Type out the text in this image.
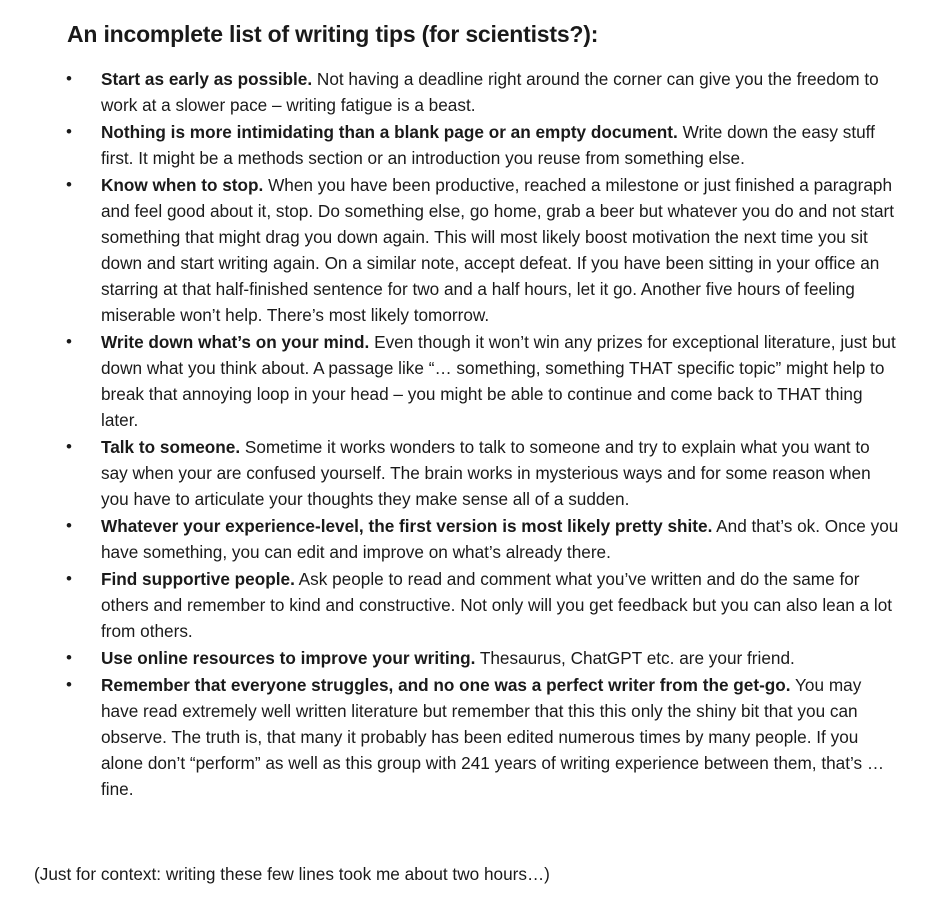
An incomplete list of writing tips (for scientists?):
• Start as early as possible. Not having a deadline right around the corner can give you the freedom to work at a slower pace – writing fatigue is a beast.
• Nothing is more intimidating than a blank page or an empty document. Write down the easy stuff first. It might be a methods section or an introduction you reuse from something else.
• Know when to stop. When you have been productive, reached a milestone or just finished a paragraph and feel good about it, stop. Do something else, go home, grab a beer but whatever you do and not start something that might drag you down again. This will most likely boost motivation the next time you sit down and start writing again. On a similar note, accept defeat. If you have been sitting in your office an starring at that half-finished sentence for two and a half hours, let it go. Another five hours of feeling miserable won’t help. There’s most likely tomorrow.
• Write down what’s on your mind. Even though it won’t win any prizes for exceptional literature, just but down what you think about. A passage like “… something, something THAT specific topic” might help to break that annoying loop in your head – you might be able to continue and come back to THAT thing later.
• Talk to someone. Sometime it works wonders to talk to someone and try to explain what you want to say when your are confused yourself. The brain works in mysterious ways and for some reason when you have to articulate your thoughts they make sense all of a sudden.
• Whatever your experience-level, the first version is most likely pretty shite. And that’s ok. Once you have something, you can edit and improve on what’s already there.
• Find supportive people. Ask people to read and comment what you’ve written and do the same for others and remember to kind and constructive. Not only will you get feedback but you can also lean a lot from others.
• Use online resources to improve your writing. Thesaurus, ChatGPT etc. are your friend.
• Remember that everyone struggles, and no one was a perfect writer from the get-go. You may have read extremely well written literature but remember that this this only the shiny bit that you can observe. The truth is, that many it probably has been edited numerous times by many people. If you alone don’t “perform” as well as this group with 241 years of writing experience between them, that’s … fine.

(Just for context: writing these few lines took me about two hours…)
